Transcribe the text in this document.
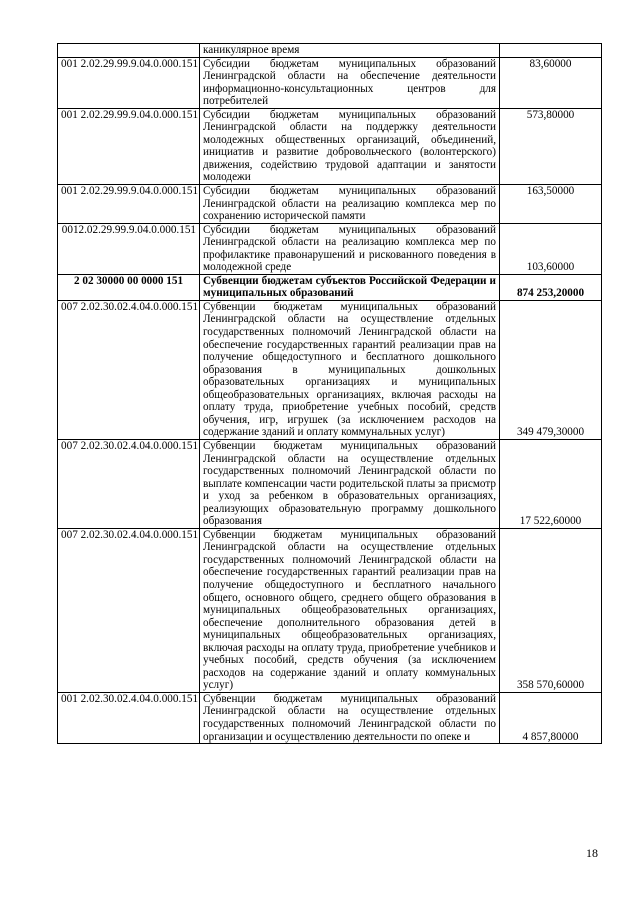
	каникулярное время	
001 2.02.29.99.9.04.0.000.151	Субсидии бюджетам муниципальных образований Ленинградской области на обеспечение деятельности информационно-консультационных центров для потребителей	83,60000
001 2.02.29.99.9.04.0.000.151	Субсидии бюджетам муниципальных образований Ленинградской области на поддержку деятельности молодежных общественных организаций, объединений, инициатив и развитие добровольческого (волонтерского) движения, содействию трудовой адаптации и занятости молодежи	573,80000
001 2.02.29.99.9.04.0.000.151	Субсидии бюджетам муниципальных образований Ленинградской области на реализацию комплекса мер по сохранению исторической памяти	163,50000
0012.02.29.99.9.04.0.000.151	Субсидии бюджетам муниципальных образований Ленинградской области на реализацию комплекса мер по профилактике правонарушений и рискованного поведения в молодежной среде	103,60000
2 02 30000 00 0000 151	Субвенции бюджетам субъектов Российской Федерации и муниципальных образований	874 253,20000
007 2.02.30.02.4.04.0.000.151	Субвенции бюджетам муниципальных образований Ленинградской области на осуществление отдельных государственных полномочий Ленинградской области на обеспечение государственных гарантий реализации прав на получение общедоступного и бесплатного дошкольного образования в муниципальных дошкольных образовательных организациях и муниципальных общеобразовательных организациях, включая расходы на оплату труда, приобретение учебных пособий, средств обучения, игр, игрушек (за исключением расходов на содержание зданий и оплату коммунальных услуг)	349 479,30000
007 2.02.30.02.4.04.0.000.151	Субвенции бюджетам муниципальных образований Ленинградской области на осуществление отдельных государственных полномочий Ленинградской области по выплате компенсации части родительской платы за присмотр и уход за ребенком в образовательных организациях, реализующих образовательную программу дошкольного образования	17 522,60000
007 2.02.30.02.4.04.0.000.151	Субвенции бюджетам муниципальных образований Ленинградской области на осуществление отдельных государственных полномочий Ленинградской области на обеспечение государственных гарантий реализации прав на получение общедоступного и бесплатного начального общего, основного общего, среднего общего образования в муниципальных общеобразовательных организациях, обеспечение дополнительного образования детей в муниципальных общеобразовательных организациях, включая расходы на оплату труда, приобретение учебников и учебных пособий, средств обучения (за исключением расходов на содержание зданий и оплату коммунальных услуг)	358 570,60000
001 2.02.30.02.4.04.0.000.151	Субвенции бюджетам муниципальных образований Ленинградской области на осуществление отдельных государственных полномочий Ленинградской области по организации и осуществлению деятельности по опеке и	4 857,80000
18
